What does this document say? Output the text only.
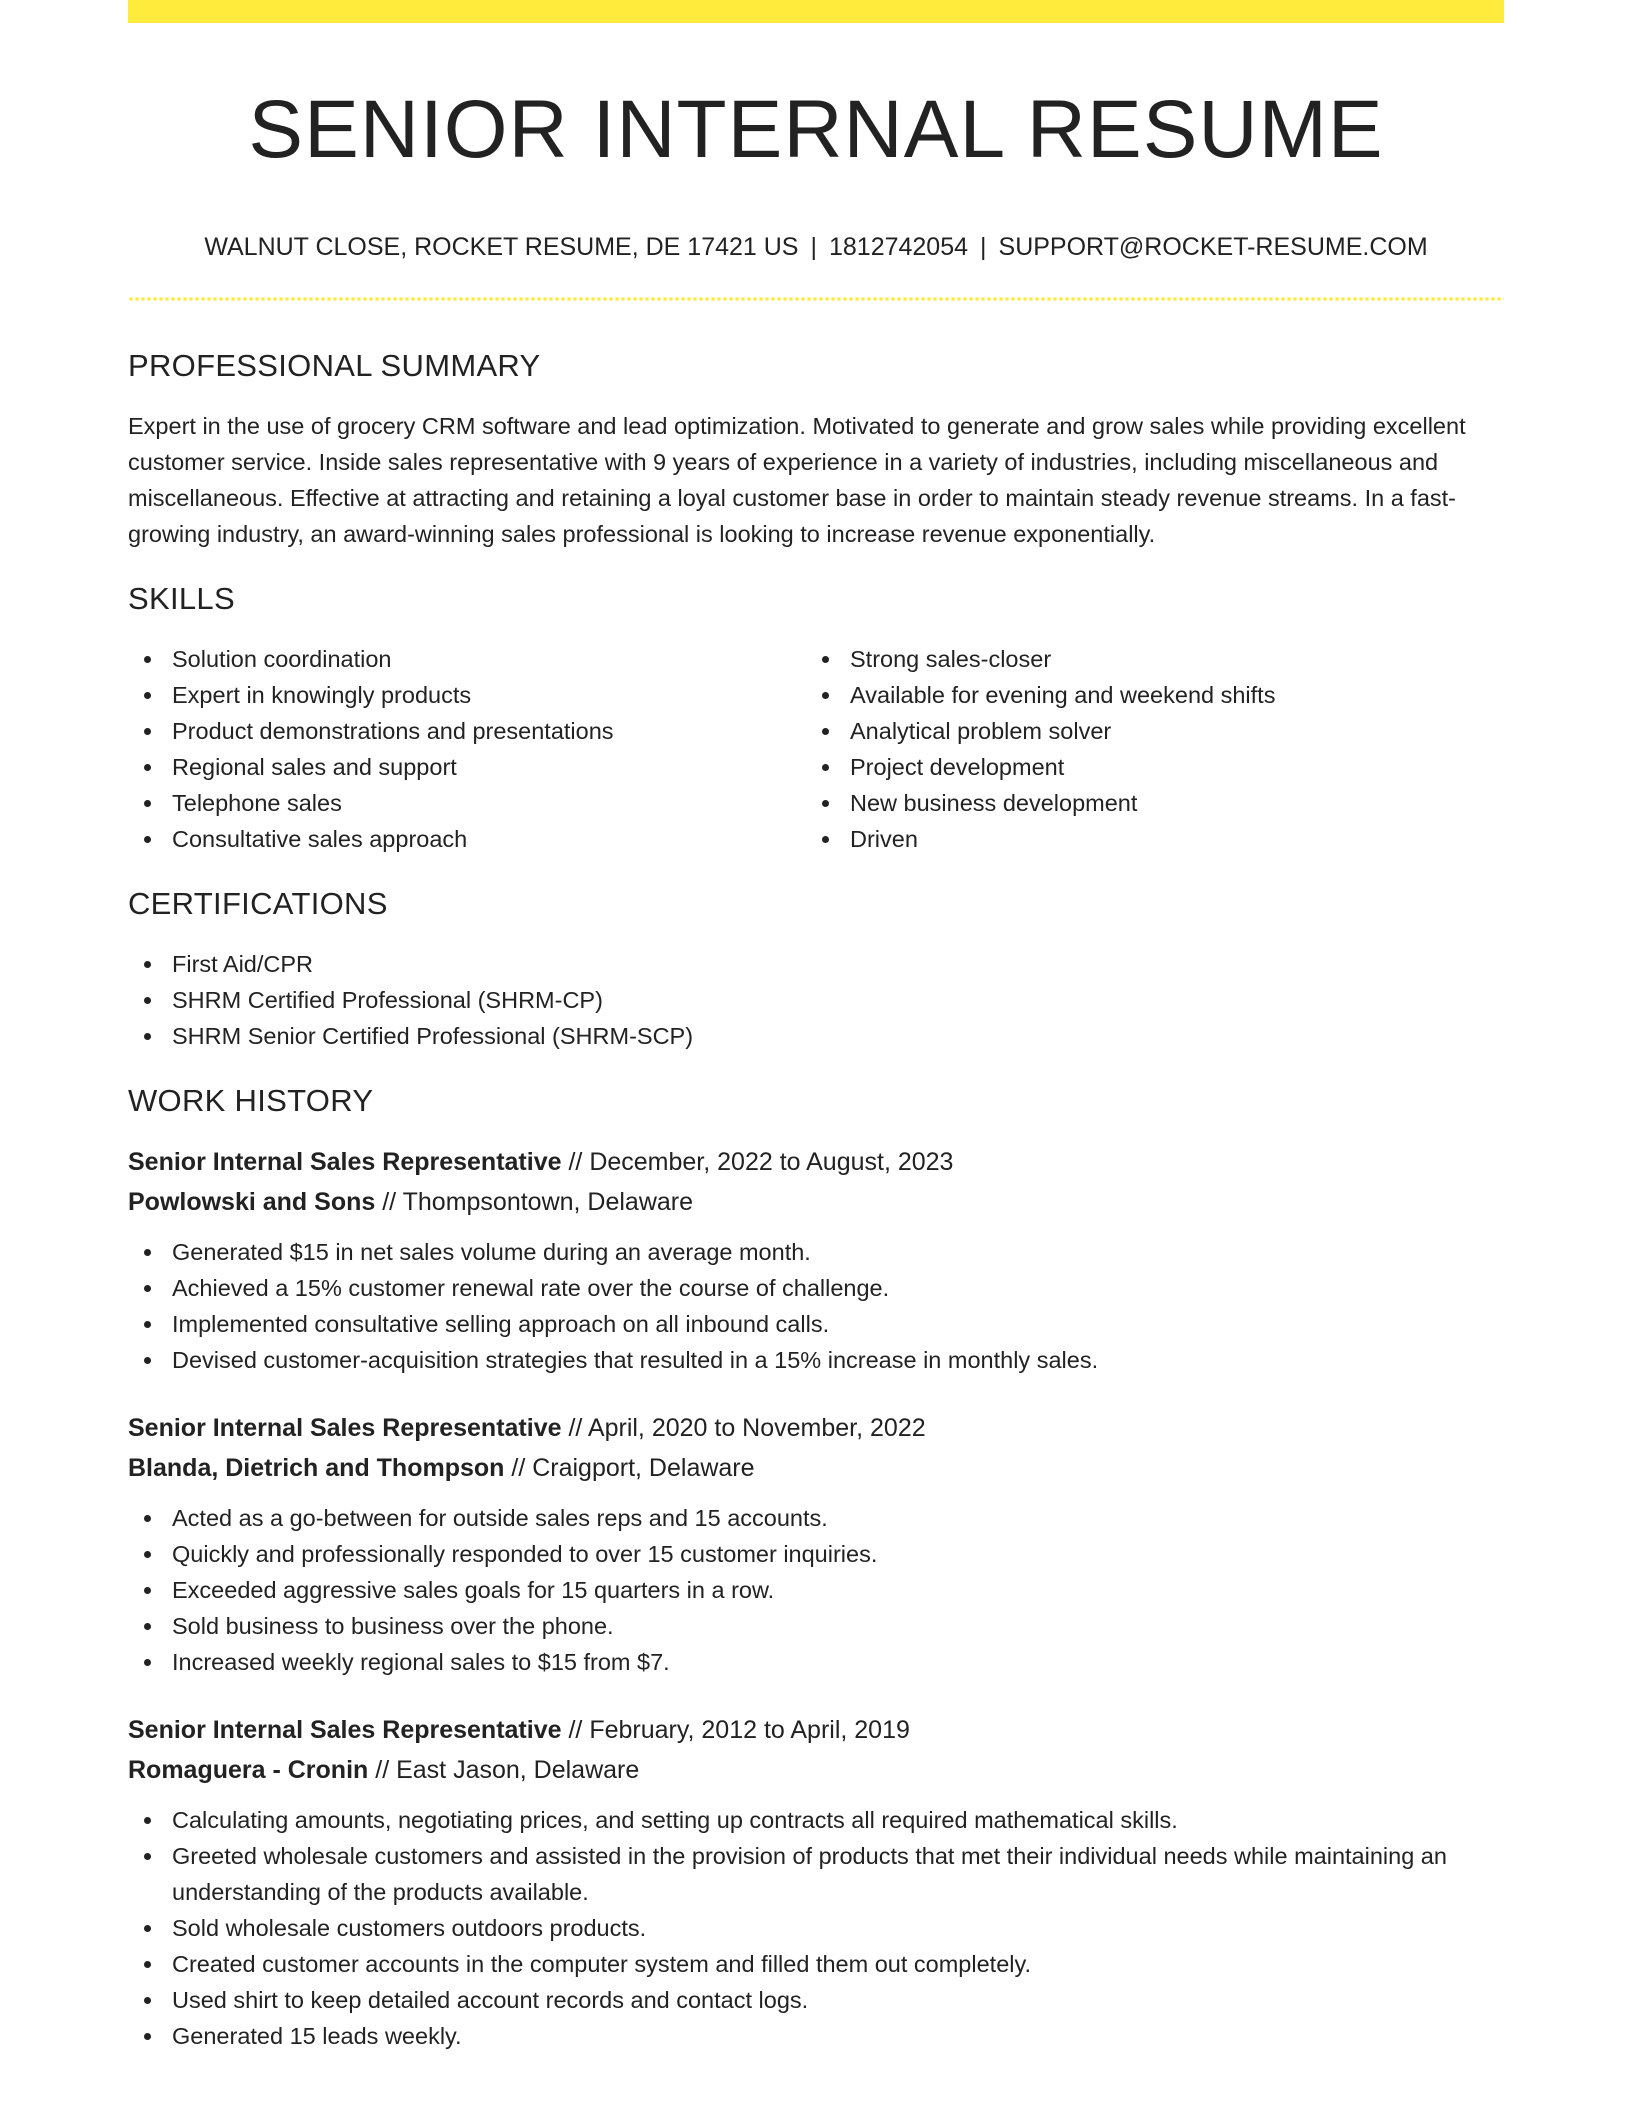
SENIOR INTERNAL RESUME
WALNUT CLOSE, ROCKET RESUME, DE 17421 US | 1812742054 | SUPPORT@ROCKET-RESUME.COM
PROFESSIONAL SUMMARY

Expert in the use of grocery CRM software and lead optimization. Motivated to generate and grow sales while providing excellent customer service. Inside sales representative with 9 years of experience in a variety of industries, including miscellaneous and miscellaneous. Effective at attracting and retaining a loyal customer base in order to maintain steady revenue streams. In a fast-growing industry, an award-winning sales professional is looking to increase revenue exponentially.

SKILLS
Solution coordination
Expert in knowingly products
Product demonstrations and presentations
Regional sales and support
Telephone sales
Consultative sales approach
Strong sales-closer
Available for evening and weekend shifts
Analytical problem solver
Project development
New business development
Driven
CERTIFICATIONS
First Aid/CPR
SHRM Certified Professional (SHRM-CP)
SHRM Senior Certified Professional (SHRM-SCP)
WORK HISTORY
Senior Internal Sales Representative // December, 2022 to August, 2023
Powlowski and Sons // Thompsontown, Delaware
Generated $15 in net sales volume during an average month.
Achieved a 15% customer renewal rate over the course of challenge.
Implemented consultative selling approach on all inbound calls.
Devised customer-acquisition strategies that resulted in a 15% increase in monthly sales.
Senior Internal Sales Representative // April, 2020 to November, 2022
Blanda, Dietrich and Thompson // Craigport, Delaware
Acted as a go-between for outside sales reps and 15 accounts.
Quickly and professionally responded to over 15 customer inquiries.
Exceeded aggressive sales goals for 15 quarters in a row.
Sold business to business over the phone.
Increased weekly regional sales to $15 from $7.
Senior Internal Sales Representative // February, 2012 to April, 2019
Romaguera - Cronin // East Jason, Delaware
Calculating amounts, negotiating prices, and setting up contracts all required mathematical skills.
Greeted wholesale customers and assisted in the provision of products that met their individual needs while maintaining an understanding of the products available.
Sold wholesale customers outdoors products.
Created customer accounts in the computer system and filled them out completely.
Used shirt to keep detailed account records and contact logs.
Generated 15 leads weekly.
